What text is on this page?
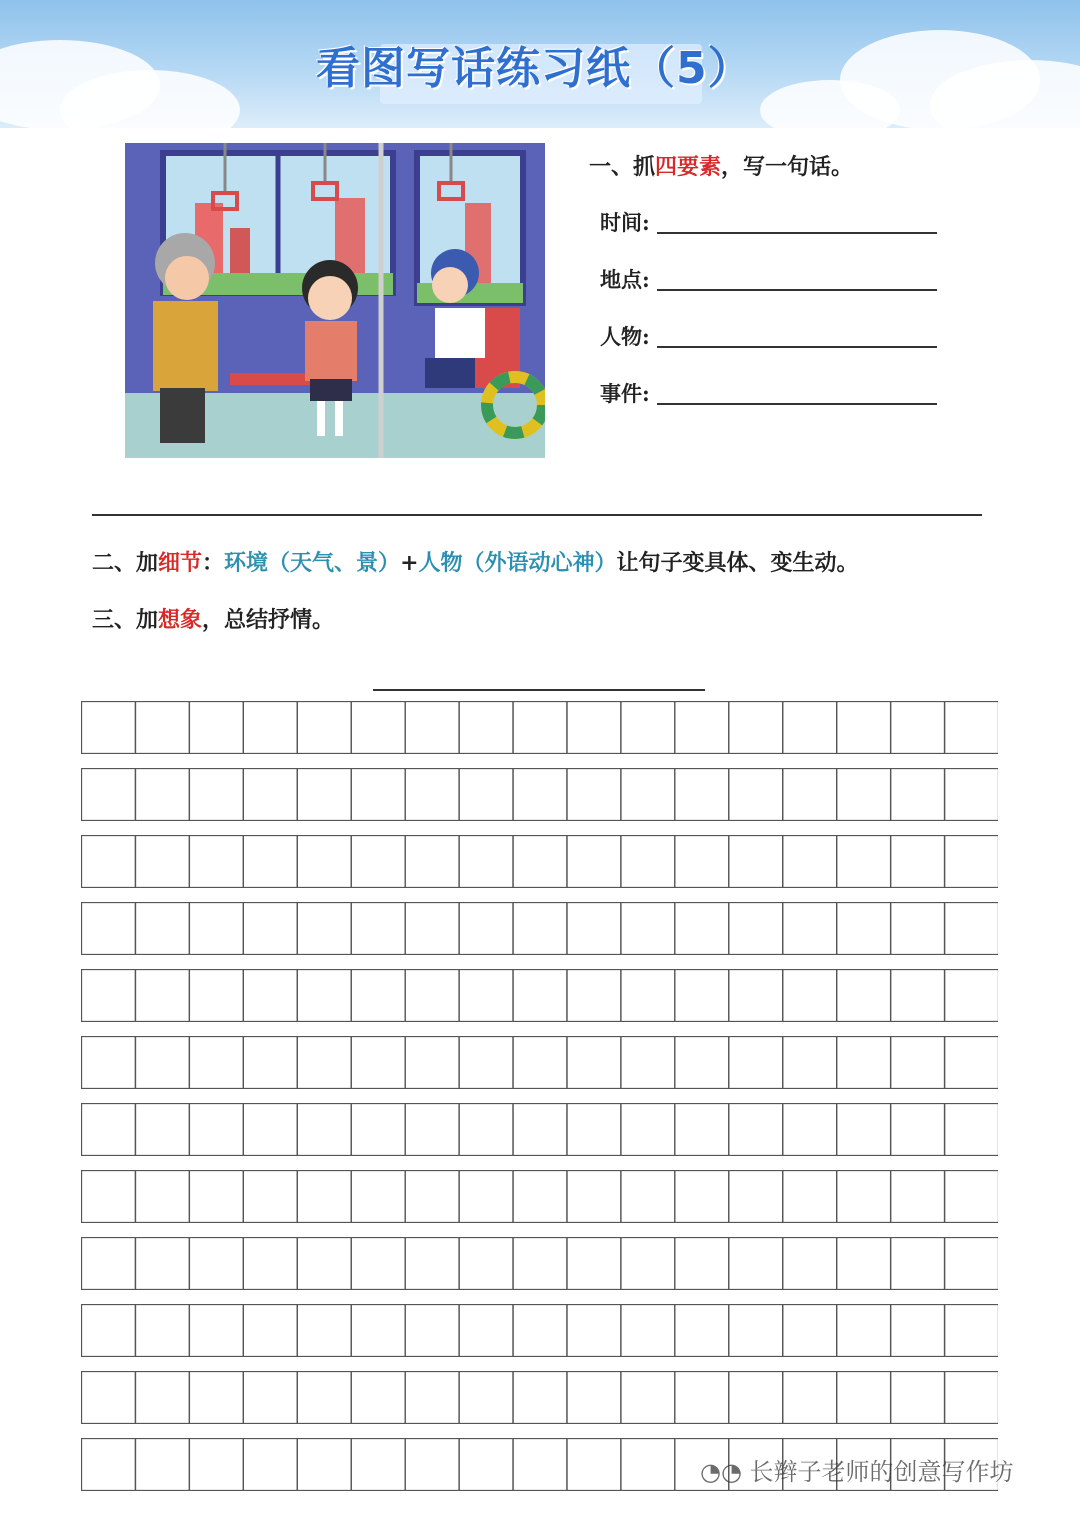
看图写话练习纸（5）
一、抓四要素，写一句话。
时间:
地点:
人物:
事件:
二、加细节：环境（天气、景）+人物（外语动心神）让句子变具体、变生动。
三、加想象，总结抒情。
◔◔ 长辫子老师的创意写作坊
